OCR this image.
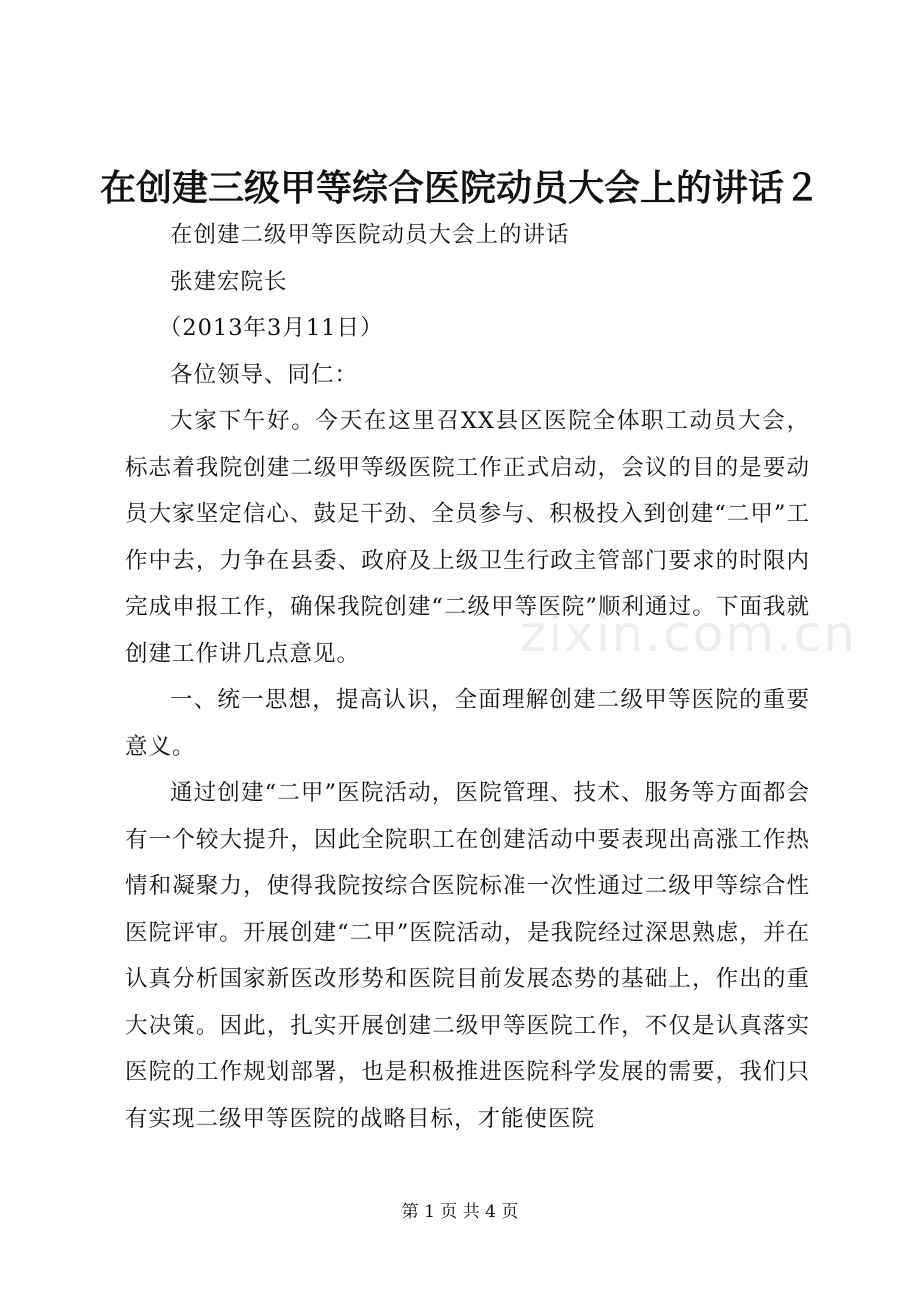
zixin.com.cn
在创建三级甲等综合医院动员大会上的讲话２

在创建二级甲等医院动员大会上的讲话

张建宏院长

（2013年3月11日）

各位领导、同仁：

大家下午好。今天在这里召XX县区医院全体职工动员大会，标志着我院创建二级甲等级医院工作正式启动，会议的目的是要动员大家坚定信心、鼓足干劲、全员参与、积极投入到创建“二甲”工作中去，力争在县委、政府及上级卫生行政主管部门要求的时限内完成申报工作，确保我院创建“二级甲等医院”顺利通过。下面我就创建工作讲几点意见。

一、统一思想，提高认识，全面理解创建二级甲等医院的重要意义。

通过创建“二甲”医院活动，医院管理、技术、服务等方面都会有一个较大提升，因此全院职工在创建活动中要表现出高涨工作热情和凝聚力，使得我院按综合医院标准一次性通过二级甲等综合性医院评审。开展创建“二甲”医院活动，是我院经过深思熟虑，并在认真分析国家新医改形势和医院目前发展态势的基础上，作出的重大决策。因此，扎实开展创建二级甲等医院工作，不仅是认真落实医院的工作规划部署，也是积极推进医院科学发展的需要，我们只有实现二级甲等医院的战略目标，才能使医院

第 1 页 共 4 页
